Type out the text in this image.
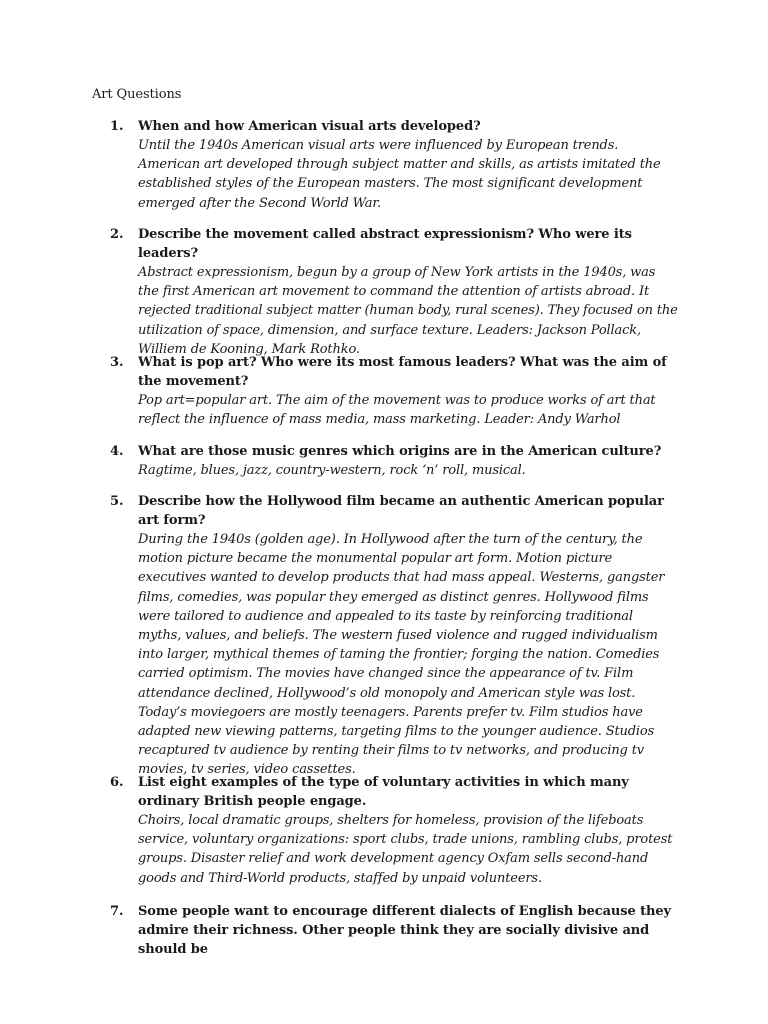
Art Questions
1.	When and how American visual arts developed?
Until the 1940s American visual arts were influenced by European trends. American art developed through subject matter and skills, as artists imitated the established styles of the European masters. The most significant development emerged after the Second World War.
2.	Describe the movement called abstract expressionism? Who were its leaders?
Abstract expressionism, begun by a group of New York artists in the 1940s, was the first American art movement to command the attention of artists abroad. It rejected traditional subject matter (human body, rural scenes). They focused on the utilization of space, dimension, and surface texture. Leaders: Jackson Pollack, Williem de Kooning, Mark Rothko.
3.	What is pop art? Who were its most famous leaders? What was the aim of the movement?
Pop art=popular art. The aim of the movement was to produce works of art that reflect the influence of mass media, mass marketing. Leader: Andy Warhol
4.	What are those music genres which origins are in the American culture?
Ragtime, blues, jazz, country-western, rock ‘n’ roll, musical.
5.	Describe how the Hollywood film became an authentic American popular art form?
During the 1940s (golden age). In Hollywood after the turn of the century, the motion picture became the monumental popular art form. Motion picture executives wanted to develop products that had mass appeal. Westerns, gangster films, comedies, was popular they emerged as distinct genres. Hollywood films were tailored to audience and appealed to its taste by reinforcing traditional myths, values, and beliefs. The western fused violence and rugged individualism into larger, mythical themes of taming the frontier; forging the nation. Comedies carried optimism. The movies have changed since the appearance of tv. Film attendance declined, Hollywood’s old monopoly and American style was lost. Today’s moviegoers are mostly teenagers. Parents prefer tv. Film studios have adapted new viewing patterns, targeting films to the younger audience. Studios recaptured tv audience by renting their films to tv networks, and producing tv movies, tv series, video cassettes.
6.	List eight examples of the type of voluntary activities in which many ordinary British people engage.
Choirs, local dramatic groups, shelters for homeless, provision of the lifeboats service, voluntary organizations: sport clubs, trade unions, rambling clubs, protest groups. Disaster relief and work development agency Oxfam sells second-hand goods and Third-World products, staffed by unpaid volunteers.
7.	Some people want to encourage different dialects of English because they admire their richness. Other people think they are socially divisive and should be
